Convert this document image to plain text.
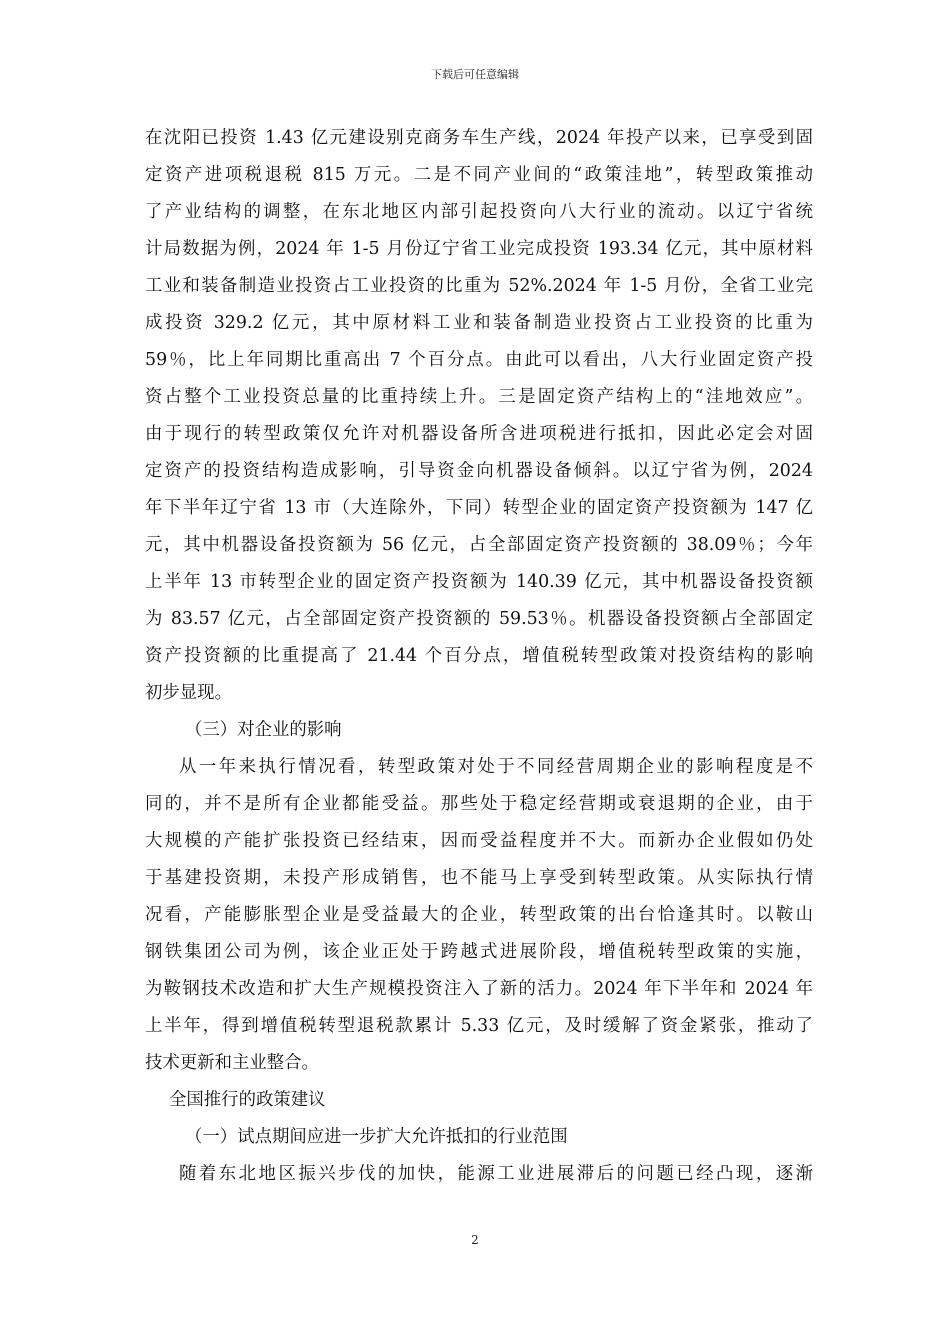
下载后可任意编辑
在沈阳已投资 1.43 亿元建设别克商务车生产线，2024 年投产以来，已享受到固
定资产进项税退税 815 万元。二是不同产业间的“政策洼地”，转型政策推动
了产业结构的调整，在东北地区内部引起投资向八大行业的流动。以辽宁省统
计局数据为例，2024 年 1-5 月份辽宁省工业完成投资 193.34 亿元，其中原材料
工业和装备制造业投资占工业投资的比重为 52%.2024 年 1-5 月份，全省工业完
成投资 329.2 亿元，其中原材料工业和装备制造业投资占工业投资的比重为
59％，比上年同期比重高出 7 个百分点。由此可以看出，八大行业固定资产投
资占整个工业投资总量的比重持续上升。三是固定资产结构上的“洼地效应”。
由于现行的转型政策仅允许对机器设备所含进项税进行抵扣，因此必定会对固
定资产的投资结构造成影响，引导资金向机器设备倾斜。以辽宁省为例，2024
年下半年辽宁省 13 市（大连除外，下同）转型企业的固定资产投资额为 147 亿
元，其中机器设备投资额为 56 亿元，占全部固定资产投资额的 38.09％；今年
上半年 13 市转型企业的固定资产投资额为 140.39 亿元，其中机器设备投资额
为 83.57 亿元，占全部固定资产投资额的 59.53％。机器设备投资额占全部固定
资产投资额的比重提高了 21.44 个百分点，增值税转型政策对投资结构的影响
初步显现。
（三）对企业的影响
从一年来执行情况看，转型政策对处于不同经营周期企业的影响程度是不
同的，并不是所有企业都能受益。那些处于稳定经营期或衰退期的企业，由于
大规模的产能扩张投资已经结束，因而受益程度并不大。而新办企业假如仍处
于基建投资期，未投产形成销售，也不能马上享受到转型政策。从实际执行情
况看，产能膨胀型企业是受益最大的企业，转型政策的出台恰逢其时。以鞍山
钢铁集团公司为例，该企业正处于跨越式进展阶段，增值税转型政策的实施，
为鞍钢技术改造和扩大生产规模投资注入了新的活力。2024 年下半年和 2024 年
上半年，得到增值税转型退税款累计 5.33 亿元，及时缓解了资金紧张，推动了
技术更新和主业整合。
全国推行的政策建议
（一）试点期间应进一步扩大允许抵扣的行业范围
随着东北地区振兴步伐的加快，能源工业进展滞后的问题已经凸现，逐渐
2
